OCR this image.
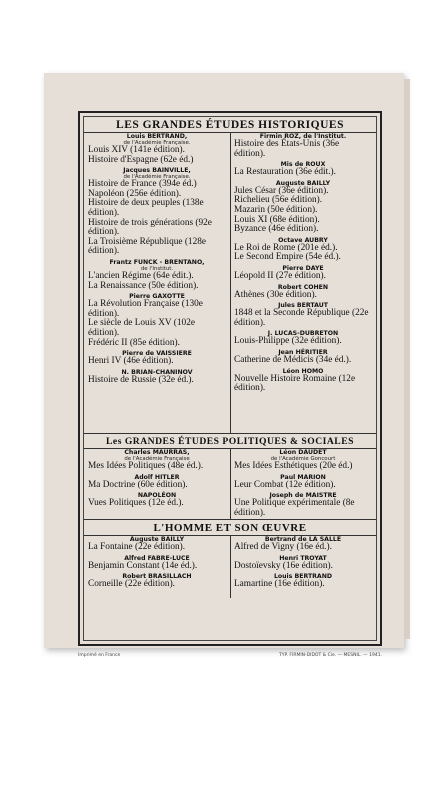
LES GRANDES ÉTUDES HISTORIQUES
Louis BERTRAND,
de l'Académie Française.
Louis XIV (141e édition).
Histoire d'Espagne (62e éd.)
Jacques BAINVILLE,
de l'Académie Française.
Histoire de France (394e éd.)
Napoléon (256e édition).
Histoire de deux peuples (138e édition).
Histoire de trois générations (92e édition).
La Troisième République (128e édition).
Frantz FUNCK - BRENTANO,
de l'Institut.
L'ancien Régime (64e édit.).
La Renaissance (50e édition).
Pierre GAXOTTE
La Révolution Française (130e édition).
Le siècle de Louis XV (102e édition).
Frédéric II (85e édition).
Pierre de VAISSIERE
Henri IV (46e édition).
N. BRIAN-CHANINOV
Histoire de Russie (32e éd.).
Firmin ROZ, de l'Institut.
Histoire des États-Unis (36e édition).
Mis de ROUX
La Restauration (36e édit.).
Auguste BAILLY
Jules César (36e édition).
Richelieu (56e édition).
Mazarin (50e édition).
Louis XI (68e édition).
Byzance (46e édition).
Octave AUBRY
Le Roi de Rome (201e éd.).
Le Second Empire (54e éd.).
Pierre DAYE
Léopold II (27e édition).
Robert COHEN
Athènes (30e édition).
Jules BERTAUT
1848 et la Seconde République (22e édition).
J. LUCAS-DUBRETON
Louis-Philippe (32e édition).
Jean HÉRITIER
Catherine de Médicis (34e éd.).
Léon HOMO
Nouvelle Histoire Romaine (12e édition).
Les GRANDES ÉTUDES POLITIQUES & SOCIALES
Charles MAURRAS,
de l'Académie Française
Mes Idées Politiques (48e éd.).
Adolf HITLER
Ma Doctrine (60e édition).
NAPOLÉON
Vues Politiques (12e éd.).
Léon DAUDET
de l'Académie Goncourt
Mes Idées Esthétiques (20e éd.)
Paul MARION
Leur Combat (12e édition).
Joseph de MAISTRE
Une Politique expérimentale (8e édition).
L'HOMME ET SON ŒUVRE
Auguste BAILLY
La Fontaine (22e édition).
Alfred FABRE-LUCE
Benjamin Constant (14e éd.).
Robert BRASILLACH
Corneille (22e édition).
Bertrand de LA SALLE
Alfred de Vigny (16e éd.).
Henri TROYAT
Dostoïevsky (16e édition).
Louis BERTRAND
Lamartine (16e édition).
Imprimé en France	TYP. FIRMIN-DIDOT & Cie. — MESNIL. — 1941.
